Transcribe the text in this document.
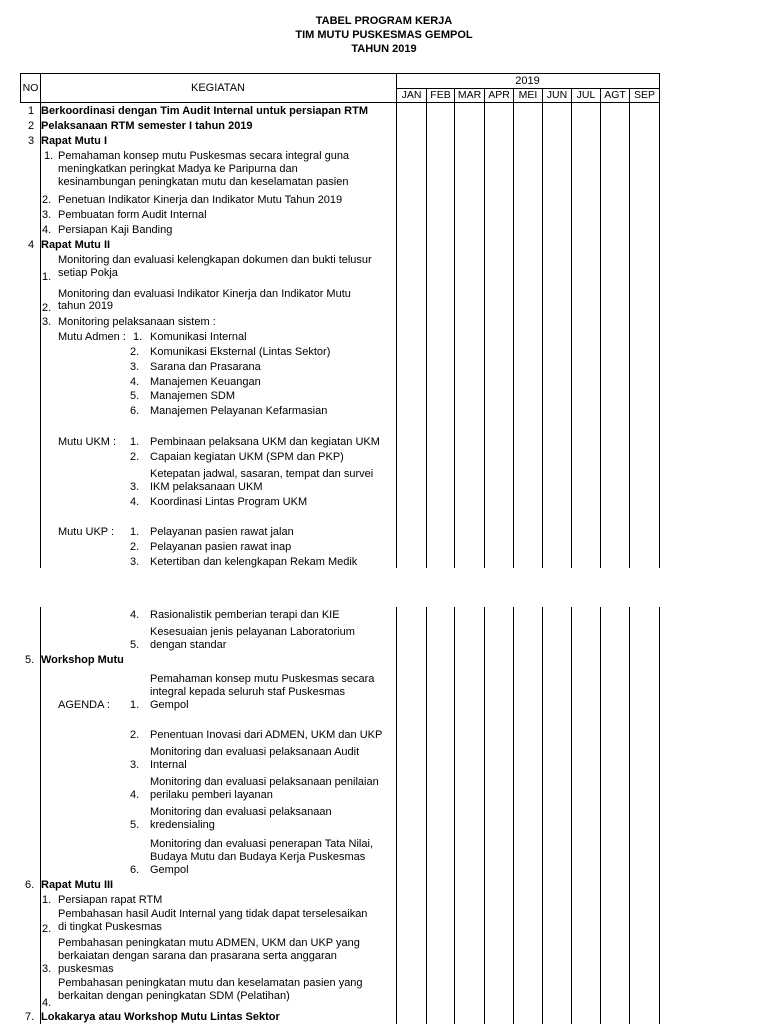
TABEL PROGRAM KERJA
TIM MUTU PUSKESMAS GEMPOL
TAHUN 2019
NO	KEGIATAN
2019
JAN FEB MAR APR MEI JUN JUL AGT SEP
1 Berkoordinasi dengan Tim Audit Internal untuk persiapan RTM
2 Pelaksanaan RTM semester I tahun 2019
3 Rapat Mutu I
1. Pemahaman konsep mutu Puskesmas secara integral guna
meningkatkan peringkat Madya ke Paripurna dan
kesinambungan peningkatan mutu dan keselamatan pasien
2. Penetuan Indikator Kinerja dan Indikator Mutu Tahun 2019
3. Pembuatan form Audit Internal
4. Persiapan Kaji Banding
4 Rapat Mutu II
Monitoring dan evaluasi kelengkapan dokumen dan bukti telusur
1. setiap Pokja
Monitoring dan evaluasi Indikator Kinerja dan Indikator Mutu
2. tahun 2019
3. Monitoring pelaksanaan sistem :
Mutu Admen : 1. Komunikasi Internal
2. Komunikasi Eksternal (Lintas Sektor)
3. Sarana dan Prasarana
4. Manajemen Keuangan
5. Manajemen SDM
6. Manajemen Pelayanan Kefarmasian
Mutu UKM : 1. Pembinaan pelaksana UKM dan kegiatan UKM
2. Capaian kegiatan UKM (SPM dan PKP)
Ketepatan jadwal, sasaran, tempat dan survei
3. IKM pelaksanaan UKM
4. Koordinasi Lintas Program UKM
Mutu UKP : 1. Pelayanan pasien rawat jalan
2. Pelayanan pasien rawat inap
3. Ketertiban dan kelengkapan Rekam Medik
4. Rasionalistik pemberian terapi dan KIE
Kesesuaian jenis pelayanan Laboratorium
5. dengan standar
5. Workshop Mutu
Pemahaman konsep mutu Puskesmas secara
integral kepada seluruh staf Puskesmas
AGENDA : 1. Gempol
2. Penentuan Inovasi dari ADMEN, UKM dan UKP
Monitoring dan evaluasi pelaksanaan Audit
3. Internal
Monitoring dan evaluasi pelaksanaan penilaian
4. perilaku pemberi layanan
Monitoring dan evaluasi pelaksanaan
5. kredensialing
Monitoring dan evaluasi penerapan Tata Nilai,
Budaya Mutu dan Budaya Kerja Puskesmas
6. Gempol
6. Rapat Mutu III
1. Persiapan rapat RTM
Pembahasan hasil Audit Internal yang tidak dapat terselesaikan
2. di tingkat Puskesmas
Pembahasan peningkatan mutu ADMEN, UKM dan UKP yang
berkaiatan dengan sarana dan prasarana serta anggaran
3. puskesmas
Pembahasan peningkatan mutu dan keselamatan pasien yang
berkaitan dengan peningkatan SDM (Pelatihan)
4.
7. Lokakarya atau Workshop Mutu Lintas Sektor
